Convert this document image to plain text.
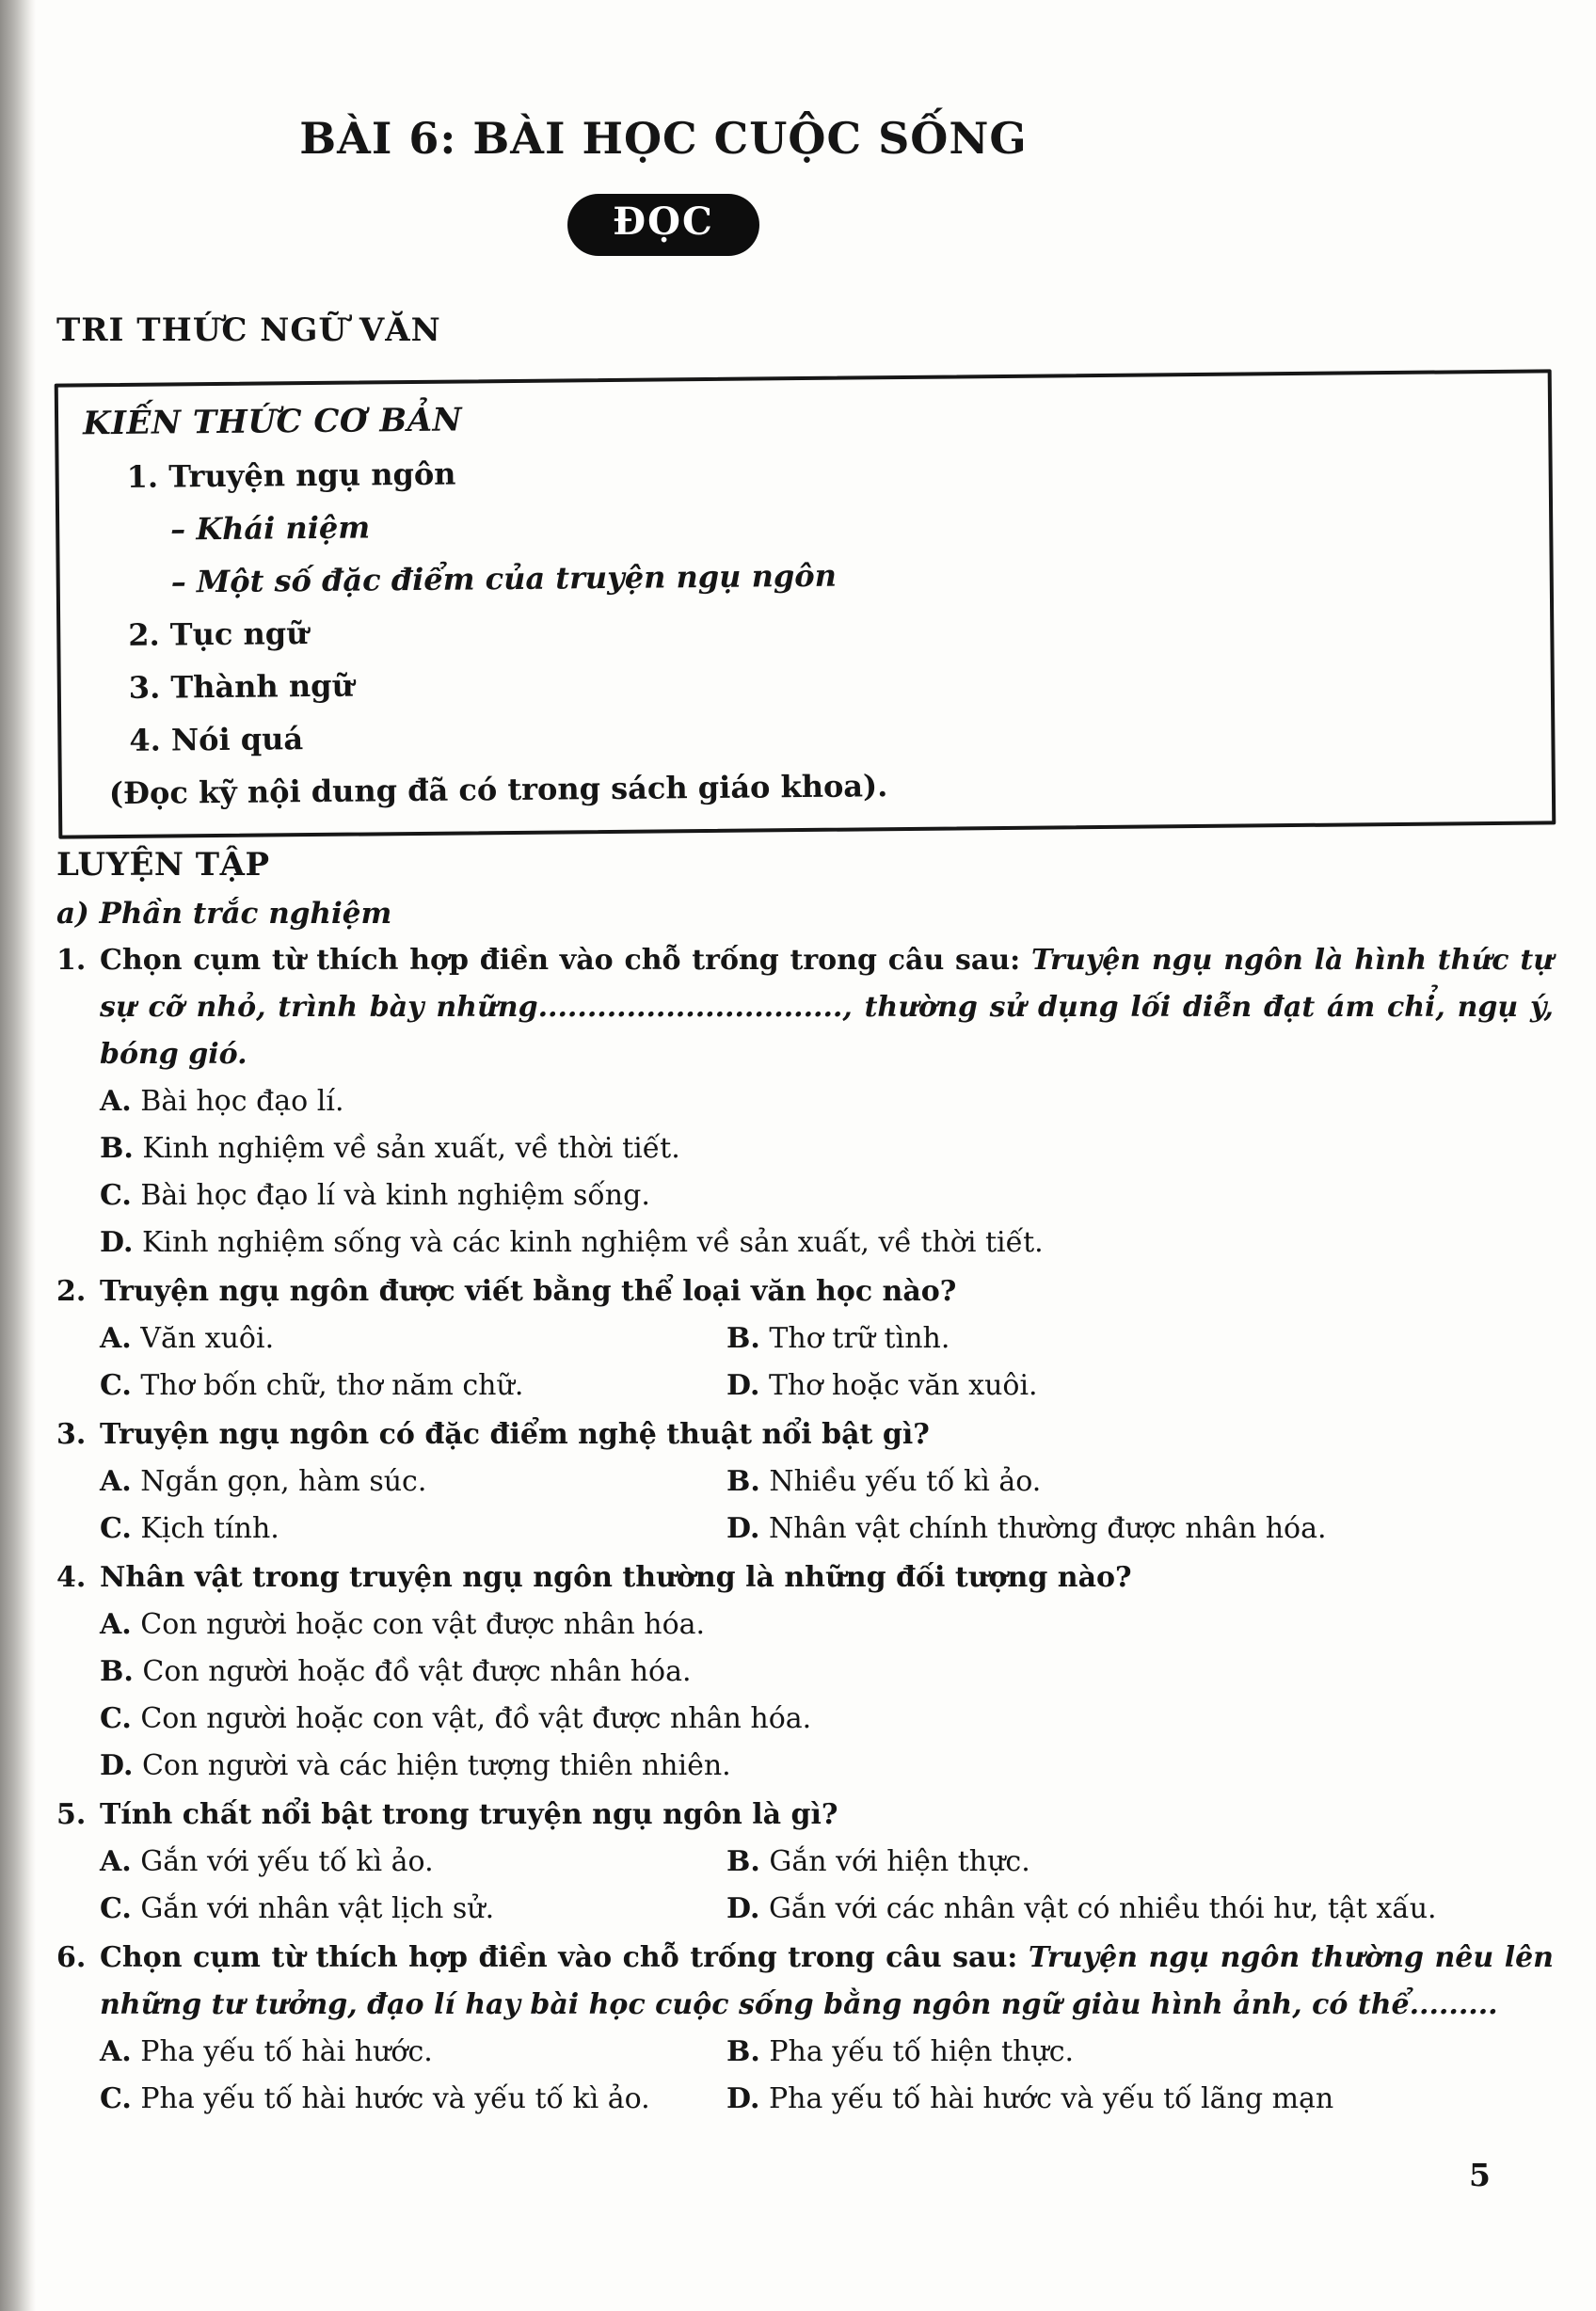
BÀI 6: BÀI HỌC CUỘC SỐNG
ĐỌC
TRI THỨC NGỮ VĂN
KIẾN THỨC CƠ BẢN
1. Truyện ngụ ngôn
– Khái niệm
– Một số đặc điểm của truyện ngụ ngôn
2. Tục ngữ
3. Thành ngữ
4. Nói quá
(Đọc kỹ nội dung đã có trong sách giáo khoa).
LUYỆN TẬP
a) Phần trắc nghiệm
1. Chọn cụm từ thích hợp điền vào chỗ trống trong câu sau: Truyện ngụ ngôn là hình thức tự sự cỡ nhỏ, trình bày những..............................., thường sử dụng lối diễn đạt ám chỉ, ngụ ý, bóng gió.
A. Bài học đạo lí.
B. Kinh nghiệm về sản xuất, về thời tiết.
C. Bài học đạo lí và kinh nghiệm sống.
D. Kinh nghiệm sống và các kinh nghiệm về sản xuất, về thời tiết.
2. Truyện ngụ ngôn được viết bằng thể loại văn học nào?
A. Văn xuôi.	B. Thơ trữ tình.
C. Thơ bốn chữ, thơ năm chữ.	D. Thơ hoặc văn xuôi.
3. Truyện ngụ ngôn có đặc điểm nghệ thuật nổi bật gì?
A. Ngắn gọn, hàm súc.	B. Nhiều yếu tố kì ảo.
C. Kịch tính.	D. Nhân vật chính thường được nhân hóa.
4. Nhân vật trong truyện ngụ ngôn thường là những đối tượng nào?
A. Con người hoặc con vật được nhân hóa.
B. Con người hoặc đồ vật được nhân hóa.
C. Con người hoặc con vật, đồ vật được nhân hóa.
D. Con người và các hiện tượng thiên nhiên.
5. Tính chất nổi bật trong truyện ngụ ngôn là gì?
A. Gắn với yếu tố kì ảo.	B. Gắn với hiện thực.
C. Gắn với nhân vật lịch sử.	D. Gắn với các nhân vật có nhiều thói hư, tật xấu.
6. Chọn cụm từ thích hợp điền vào chỗ trống trong câu sau: Truyện ngụ ngôn thường nêu lên những tư tưởng, đạo lí hay bài học cuộc sống bằng ngôn ngữ giàu hình ảnh, có thể.........
A. Pha yếu tố hài hước.	B. Pha yếu tố hiện thực.
C. Pha yếu tố hài hước và yếu tố kì ảo.	D. Pha yếu tố hài hước và yếu tố lãng mạn
5
